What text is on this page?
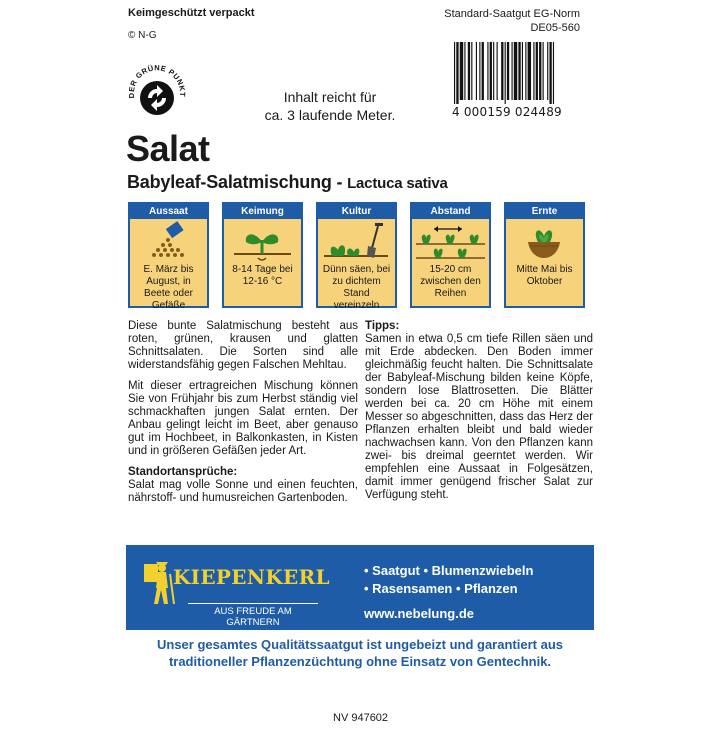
Keimgeschützt verpackt
© N-G
Standard-Saatgut EG-Norm
DE05-560
4 000159 024489
DER GRÜNE PUNKT	Inhalt reicht für
ca. 3 laufende Meter.
Salat
Babyleaf-Salatmischung - Lactuca sativa
Aussaat
E. März bis August, in Beete oder Gefäße
Keimung
8-14 Tage bei 12-16 °C
Kultur
Dünn säen, bei zu dichtem Stand vereinzeln
Abstand
15-20 cm zwischen den Reihen
Ernte
Mitte Mai bis Oktober

Diese bunte Salatmischung besteht aus roten, grünen, krausen und glatten Schnittsalaten. Die Sorten sind alle widerstandsfähig gegen Falschen Mehltau.

Mit dieser ertragreichen Mischung können Sie von Frühjahr bis zum Herbst ständig viel schmackhaften jungen Salat ernten. Der Anbau gelingt leicht im Beet, aber genauso gut im Hochbeet, in Balkonkasten, in Kisten und in größeren Gefäßen jeder Art.

Standortansprüche:

Salat mag volle Sonne und einen feuchten, nährstoff- und humusreichen Gartenboden.

Tipps:

Samen in etwa 0,5 cm tiefe Rillen säen und mit Erde abdecken. Den Boden immer gleichmäßig feucht halten. Die Schnittsalate der Babyleaf-Mischung bilden keine Köpfe, sondern lose Blattrosetten. Die Blätter werden bei ca. 20 cm Höhe mit einem Messer so abgeschnitten, dass das Herz der Pflanzen erhalten bleibt und bald wieder nachwachsen kann. Von den Pflanzen kann zwei- bis dreimal geerntet werden. Wir empfehlen eine Aussaat in Folgesätzen, damit immer genügend frischer Salat zur Verfügung steht.

KIEPENKERL
AUS FREUDE AM GÄRTNERN
• Saatgut • Blumenzwiebeln
• Rasensamen • Pflanzen
www.nebelung.de
Unser gesamtes Qualitätssaatgut ist ungebeizt und garantiert aus
traditioneller Pflanzenzüchtung ohne Einsatz von Gentechnik.
NV 947602
